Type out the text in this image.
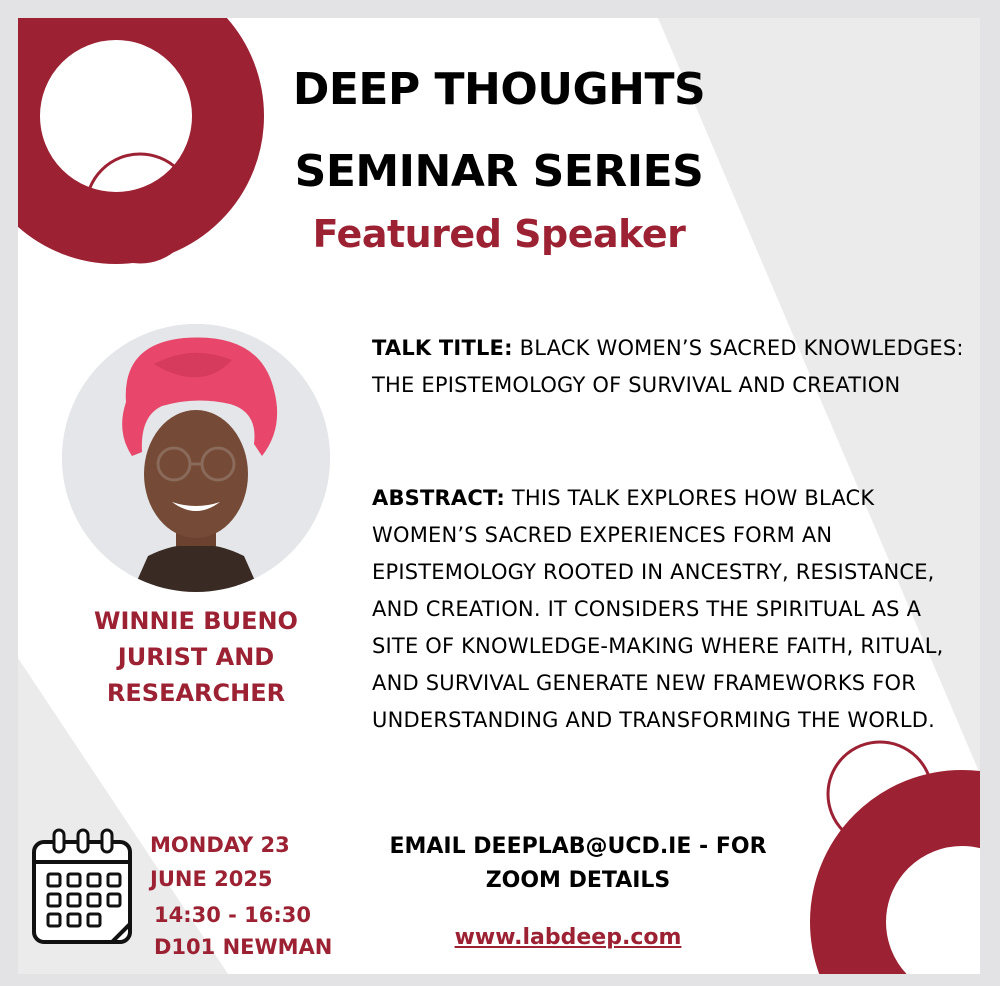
DEEP THOUGHTS
SEMINAR SERIES
Featured Speaker
WINNIE BUENO
JURIST AND
RESEARCHER
TALK TITLE: BLACK WOMEN’S SACRED KNOWLEDGES: THE EPISTEMOLOGY OF SURVIVAL AND CREATION
ABSTRACT: THIS TALK EXPLORES HOW BLACK WOMEN’S SACRED EXPERIENCES FORM AN EPISTEMOLOGY ROOTED IN ANCESTRY, RESISTANCE, AND CREATION. IT CONSIDERS THE SPIRITUAL AS A SITE OF KNOWLEDGE-MAKING WHERE FAITH, RITUAL, AND SURVIVAL GENERATE NEW FRAMEWORKS FOR UNDERSTANDING AND TRANSFORMING THE WORLD.
MONDAY 23
JUNE 2025
14:30 - 16:30
D101 NEWMAN
EMAIL DEEPLAB@UCD.IE - FOR
ZOOM DETAILS
www.labdeep.com
